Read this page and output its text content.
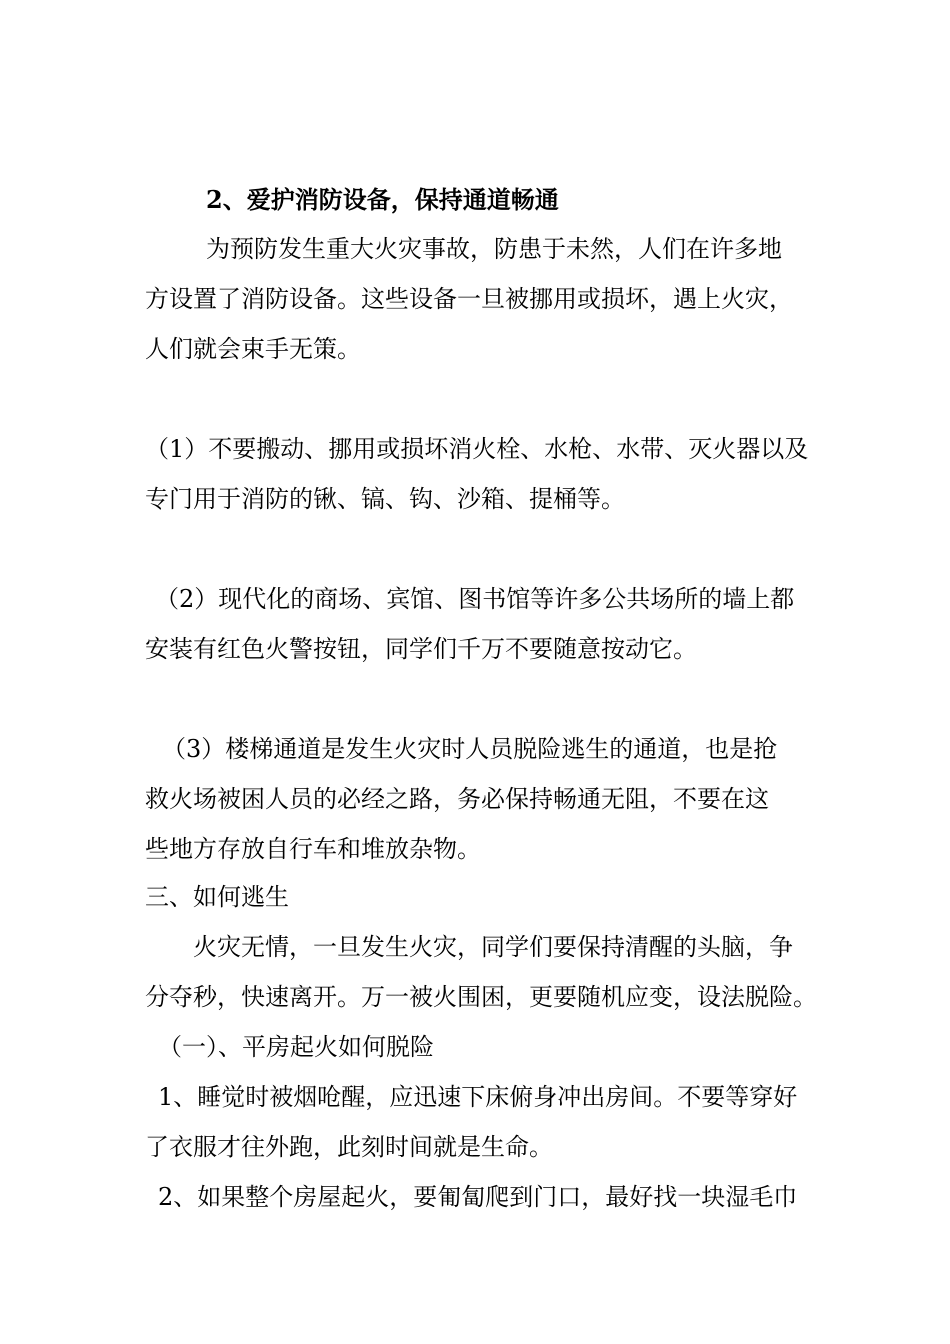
2、爱护消防设备，保持通道畅通
为预防发生重大火灾事故，防患于未然，人们在许多地
方设置了消防设备。这些设备一旦被挪用或损坏，遇上火灾，
人们就会束手无策。
（1）不要搬动、挪用或损坏消火栓、水枪、水带、灭火器以及
专门用于消防的锹、镐、钩、沙箱、提桶等。
（2）现代化的商场、宾馆、图书馆等许多公共场所的墙上都
安装有红色火警按钮，同学们千万不要随意按动它。
（3）楼梯通道是发生火灾时人员脱险逃生的通道，也是抢
救火场被困人员的必经之路，务必保持畅通无阻，不要在这
些地方存放自行车和堆放杂物。
三、如何逃生
火灾无情，一旦发生火灾，同学们要保持清醒的头脑，争
分夺秒，快速离开。万一被火围困，更要随机应变，设法脱险。
（一）、平房起火如何脱险
1、睡觉时被烟呛醒，应迅速下床俯身冲出房间。不要等穿好
了衣服才往外跑，此刻时间就是生命。
2、如果整个房屋起火，要匍匐爬到门口，最好找一块湿毛巾
